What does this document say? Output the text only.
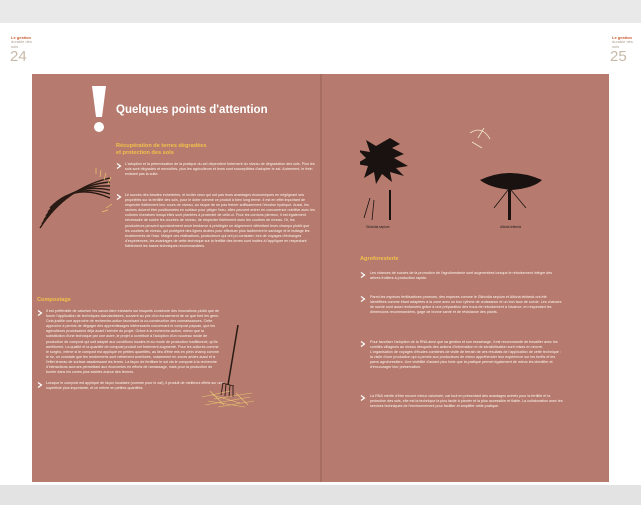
Le gestion
durable des
sols
24
Le gestion
durable des
sols
25
Quelques points d'attention
Récupération de terres dégradées
et protection des sols
L'adoption et la pérennisation de la pratique du zaï dépendent fortement du niveau de dégradation des sols. Plus les sols sont dégradés et encroûtés, plus les agriculteurs et leurs sont susceptibles d'adopter le zaï. Autrement, le frein existant pas la suite.
Le succès des bandes enherbées, et inciter ceux qui ont pas leurs avantages économiques en négligeant ses propriétés sur la fertilité des sols, pour le doter comme ce produit à bien long terme. Il est en effet important de respecter fidèlement leur cours de niveau, au risque de ne pas freiner suffisamment l'érosion hydrique. Aussi, les racines doivent être positionnées en surface pour piéger l'eau, elles peuvent entrer en concurrence nutritive avec les cultures riveraines lorsqu'elles sont plantées à proximité de celle-ci. Pour les cordons pierreux, il est également nécessaire de suivre les courbes de niveau, de respecter fidèlement avec les courbes de niveau. Or, les producteurs peuvent spontanément avoir tendance à privilégier un alignement délimitant leurs champs plutôt que les courbes de niveau, qui protègent des lignes droites pour effectuer plus facilement le sarclage et le buttage les écartements de l'eau. Malgré ces réalisations, producteurs qui ont pu constater, lors de voyages d'échanges d'expériences, les avantages de cette technique sur la fertilité des terres sont incités à l'appliquer en respectant fidèlement les bases techniques recommandées.
Compostage
Il est préférable de valoriser les savoir-faire existants sur lesquels construire des innovations plutôt que de forcer l'application de techniques standardisées, souvent au prix d'un écrasement de ce que font les gens. Cela justifie une approche de recherche-action favorisant la co-construction des connaissances. Cette approche a permis de dégager des apprentissages intéressants concernant le compost paysan, que les agriculteurs produisaient déjà avant l'arrivée du projet. Grâce à la recherche-action, mieux que la substitution d'une technique par une autre, le projet a contribué à l'adoption d'un nouveau mode de production de compost qui soit adapté aux conditions locales et au mode de production traditionnel, qu'ils améliorent. La qualité et la quantité de compost produit ont fortement augmenté. Pour les cultures comme le sorgho, même si le compost est appliqué en petites quantités, au lieu d'être mis en plein champ comme le riz, on constate que les rendements sont nettement améliorés, notamment en zones arides aussi et à l'effet terreau de surface assainissant les terres. La façon de fertiliser le sol via le compost à la recherche d'interactions accrues permettant aux économies en efforts de ramassage, mais pour la production de fumier dans les zones plus stables autour des fermes.
Lorsque le compost est appliqué de façon localisée (comme pour le zaï), il produit de meilleurs effets sur une superficie plus importante, et ce même en petites quantités.
Gliricidia sepium	Albizia lebbeck
Agroforesterie
Les chances de succès de la promotion de l'agroforesterie sont augmentées lorsque le reboisement intègre des arbres fruitiers à production rapide.
Parmi les espèces fertilisatrices promues, des espèces comme le Gliricidia sepium et Albizia lebbeck ont été identifiées comme étant adaptées à la zone avec un bon rythme de croissance et un bon taux de survie. Les chances de survie sont aussi renforcées grâce à une préparation des trous de reboisement à l'avance, en respectant les dimensions recommandées, gage de bonne santé et de résistance des plants.
Pour favoriser l'adoption de la RNA ainsi que sa gestion et son essaimage, il est recommandé de travailler avec les comités villageois au niveau desquels des actions d'information et de sensibilisation sont mises en œuvre. L'organisation de voyages d'études combinés de visite de terrain de ces résultats de l'application de cette technique : la visite d'une production qui a permis aux producteurs de mieux appréhender leur expérience sur les forêts et les parcs agroforestiers. Une visibilité d'autant plus forte que la pratique permet également de mieux les identifier et d'encourager leur préservation.
La RNA mérite d'être encore mieux valorisée, car tout en présentant des avantages avérés pour la fertilité et la protection des sols, elle est la technique la plus facile à planter et la plus accessible et fiable. La collaboration avec les services techniques de l'environnement pour faciliter et amplifier cette pratique.
